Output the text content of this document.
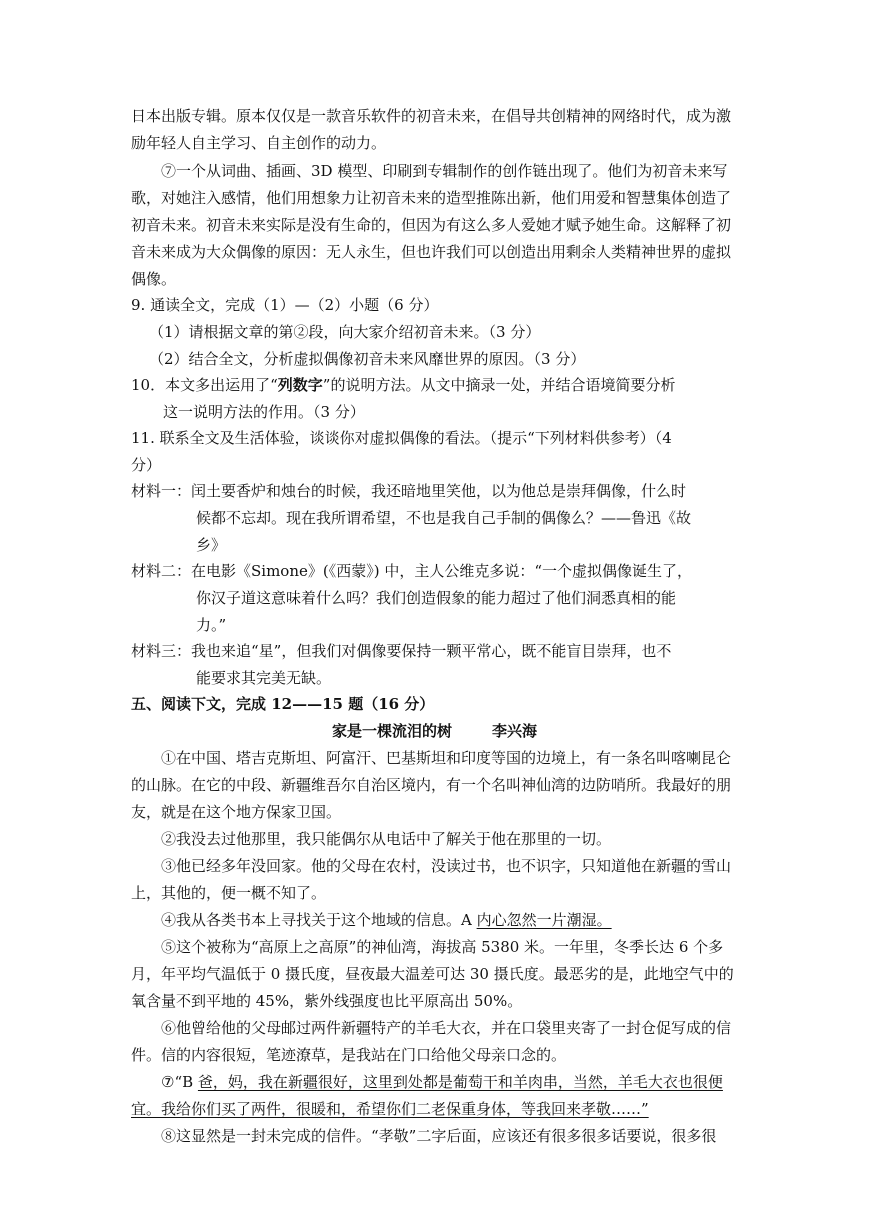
日本出版专辑。原本仅仅是一款音乐软件的初音未来，在倡导共创精神的网络时代，成为激
励年轻人自主学习、自主创作的动力。
⑦一个从词曲、插画、3D 模型、印刷到专辑制作的创作链出现了。他们为初音未来写
歌，对她注入感情，他们用想象力让初音未来的造型推陈出新，他们用爱和智慧集体创造了
初音未来。初音未来实际是没有生命的，但因为有这么多人爱她才赋予她生命。这解释了初
音未来成为大众偶像的原因：无人永生，但也许我们可以创造出用剩余人类精神世界的虚拟
偶像。
9. 通读全文，完成（1）—（2）小题（6 分）
（1）请根据文章的第②段，向大家介绍初音未来。（3 分）
（2）结合全文，分析虚拟偶像初音未来风靡世界的原因。（3 分）
10．本文多出运用了“列数字”的说明方法。从文中摘录一处，并结合语境简要分析
这一说明方法的作用。（3 分）
11. 联系全文及生活体验，谈谈你对虚拟偶像的看法。（提示“下列材料供参考）（4
分）
材料一：闰土要香炉和烛台的时候，我还暗地里笑他，以为他总是崇拜偶像，什么时
候都不忘却。现在我所谓希望，不也是我自己手制的偶像么？——鲁迅《故
乡》
材料二：在电影《Simone》(《西蒙》) 中，主人公维克多说：“一个虚拟偶像诞生了，
你汉子道这意味着什么吗？我们创造假象的能力超过了他们洞悉真相的能
力。”
材料三：我也来追“星”，但我们对偶像要保持一颗平常心，既不能盲目崇拜，也不
能要求其完美无缺。
五、阅读下文，完成 12——15 题（16 分）
家是一棵流泪的树	李兴海
①在中国、塔吉克斯坦、阿富汗、巴基斯坦和印度等国的边境上，有一条名叫喀喇昆仑
的山脉。在它的中段、新疆维吾尔自治区境内，有一个名叫神仙湾的边防哨所。我最好的朋
友，就是在这个地方保家卫国。
②我没去过他那里，我只能偶尔从电话中了解关于他在那里的一切。
③他已经多年没回家。他的父母在农村，没读过书，也不识字，只知道他在新疆的雪山
上，其他的，便一概不知了。
④我从各类书本上寻找关于这个地域的信息。A 内心忽然一片潮湿。
⑤这个被称为“高原上之高原”的神仙湾，海拔高 5380 米。一年里，冬季长达 6 个多
月，年平均气温低于 0 摄氏度，昼夜最大温差可达 30 摄氏度。最恶劣的是，此地空气中的
氧含量不到平地的 45%，紫外线强度也比平原高出 50%。
⑥他曾给他的父母邮过两件新疆特产的羊毛大衣，并在口袋里夹寄了一封仓促写成的信
件。信的内容很短，笔迹潦草，是我站在门口给他父母亲口念的。
⑦“B 爸，妈，我在新疆很好，这里到处都是葡萄干和羊肉串，当然，羊毛大衣也很便
宜。我给你们买了两件，很暖和，希望你们二老保重身体，等我回来孝敬……”
⑧这显然是一封未完成的信件。“孝敬”二字后面，应该还有很多很多话要说，很多很
